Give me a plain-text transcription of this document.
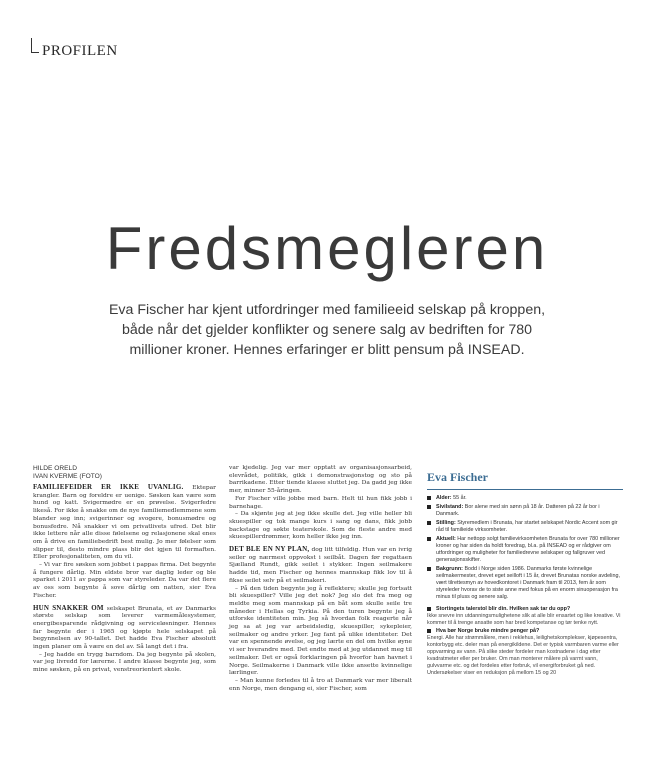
PROFILEN
Fredsmegleren
Eva Fischer har kjent utfordringer med familieeid selskap på kroppen, både når det gjelder konflikter og senere salg av bedriften for 780 millioner kroner. Hennes erfaringer er blitt pensum på INSEAD.
HILDE ORELD
IVAN KVERME (FOTO)

FAMILIEFEIDER ER IKKE UVANLIG. Ektepar krangler. Barn og foreldre er uenige. Søsken kan være som hund og katt. Svigermødre er en prøvelse. Svigerfedre likeså. For ikke å snakke om de nye familiemedlemmene som blander seg inn; svigerinner og svogere, bonusmødre og bonusfedre. Nå snakker vi om privatlivets ufred. Det blir ikke lettere når alle disse følelsene og relasjonene skal enes om å drive en familiebedrift best mulig. Jo mer følelser som slipper til, desto mindre plass blir det igjen til formaften. Eller profesjonaliteten, om du vil.

– Vi var fire søsken som jobbet i pappas firma. Det begynte å fungere dårlig. Min eldste bror var daglig leder og ble sparket i 2011 av pappa som var styreleder. Da var det flere av oss som begynte å sove dårlig om natten, sier Eva Fischer.

HUN SNAKKER OM selskapet Brunata, et av Danmarks største selskap som leverer varmemålesystemer, energibesparende rådgivning og serviceløsninger. Hennes far begynte der i 1965 og kjøpte hele selskapet på begynnelsen av 90-tallet. Det hadde Eva Fischer absolutt ingen planer om å være en del av. Så langt det i fra.

– Jeg hadde en trygg barndom. Da jeg begynte på skolen, var jeg livredd for lærerne. I andre klasse begynte jeg, som mine søsken, på en privat, venstreorientert skole.

var kjedelig. Jeg var mer opptatt av organisasjonsarbeid, elevrådet, politikk, gikk i demonstrasjonstog og sto på barrikadene. Etter tiende klasse sluttet jeg. Da gadd jeg ikke mer, minner 55-åringen.

For Fischer ville jobbe med barn. Helt til hun fikk jobb i barnehage.

– Da skjønte jeg at jeg ikke skulle det. Jeg ville heller bli skuespiller og tok mange kurs i sang og dans, fikk jobb backstage og søkte teaterskole. Som de fleste andre med skuespillerdrømmer, kom heller ikke jeg inn.

DET BLE EN NY PLAN, dog litt tilfeldig. Hun var en ivrig seiler og nærmest oppvokst i seilbåt. Dagen før regattaen Sjælland Rundt, gikk seilet i stykker. Ingen seilmakere hadde tid, men Fischer og hennes mannskap fikk lov til å fikse seilet selv på et seilmakeri.

– På den tiden begynte jeg å reflektere; skulle jeg fortsatt bli skuespiller? Ville jeg det nok? Jeg slo det fra meg og meldte meg som mannskap på en båt som skulle seile tre måneder i Hellas og Tyrkia. På den turen begynte jeg å utforske identiteten min. Jeg så hvordan folk reagerte når jeg sa at jeg var arbeidsledig, skuespiller, sykepleier, seilmaker og andre yrker. Jeg fant på ulike identiteter. Det var en spennende øvelse, og jeg lærte en del om hvilke øyne vi ser hverandre med. Det endte med at jeg utdannet meg til seilmaker. Det er også forklaringen på hvorfor han havnet i Norge. Seilmakerne i Danmark ville ikke ansette kvinnelige lærlinger.

– Man kunne forledes til å tro at Danmark var mer liberalt enn Norge, men dengang ei, sier Fischer, som

Eva Fischer
Alder: 55 år.
Sivilstand: Bor alene med sin sønn på 18 år. Datteren på 22 år bor i Danmark.
Stilling: Styremedlem i Brunata, har startet selskapet Nordic Accent som gir råd til familieide virksomheter.
Aktuell: Har nettopp solgt familievirksomheten Brunata for over 780 millioner kroner og har siden da holdt foredrag, bl.a. på INSEAD og er rådgiver om utfordringer og muligheter for familiedrevne selskaper og fallgruver ved generasjonsskifter.
Bakgrunn: Bodd i Norge siden 1986. Danmarks første kvinnelige seilmakermester, drevet eget seilloft i 15 år, drevet Brunatas norske avdeling, vært tilrettesmyn av hovedkontoret i Danmark fram til 2013, fem år som styreleder hvorav de to siste anne med fokus på en enorm sinuoperasjon fra minus til pluss og senere salg.
Stortingets talerstol blir din. Hvilken sak tar du opp?
Ikke snevre inn utdanningsmulighetene slik at alle blir ensartet og like kreative. Vi kommer til å trenge ansatte som har bred kompetanse og tør tenke nytt.
Hva bør Norge bruke mindre penger på?
Energi. Alle har strømmålere, men i reklehus, leilighetskomplekser, kjøpesentra, kontorbygg etc. deler man på energikildene. Det er typisk varmbaren varme eller oppvarming av vann. På slike steder fordeler man kostnadene i dag etter kvadratmeter eller per bruker. Om man monterer målere på varmt vann, gulvvarme etc. og det fordeles etter forbruk, vil energiforbruket gå ned. Undersøkelser viser en reduksjon på mellom 15 og 20
